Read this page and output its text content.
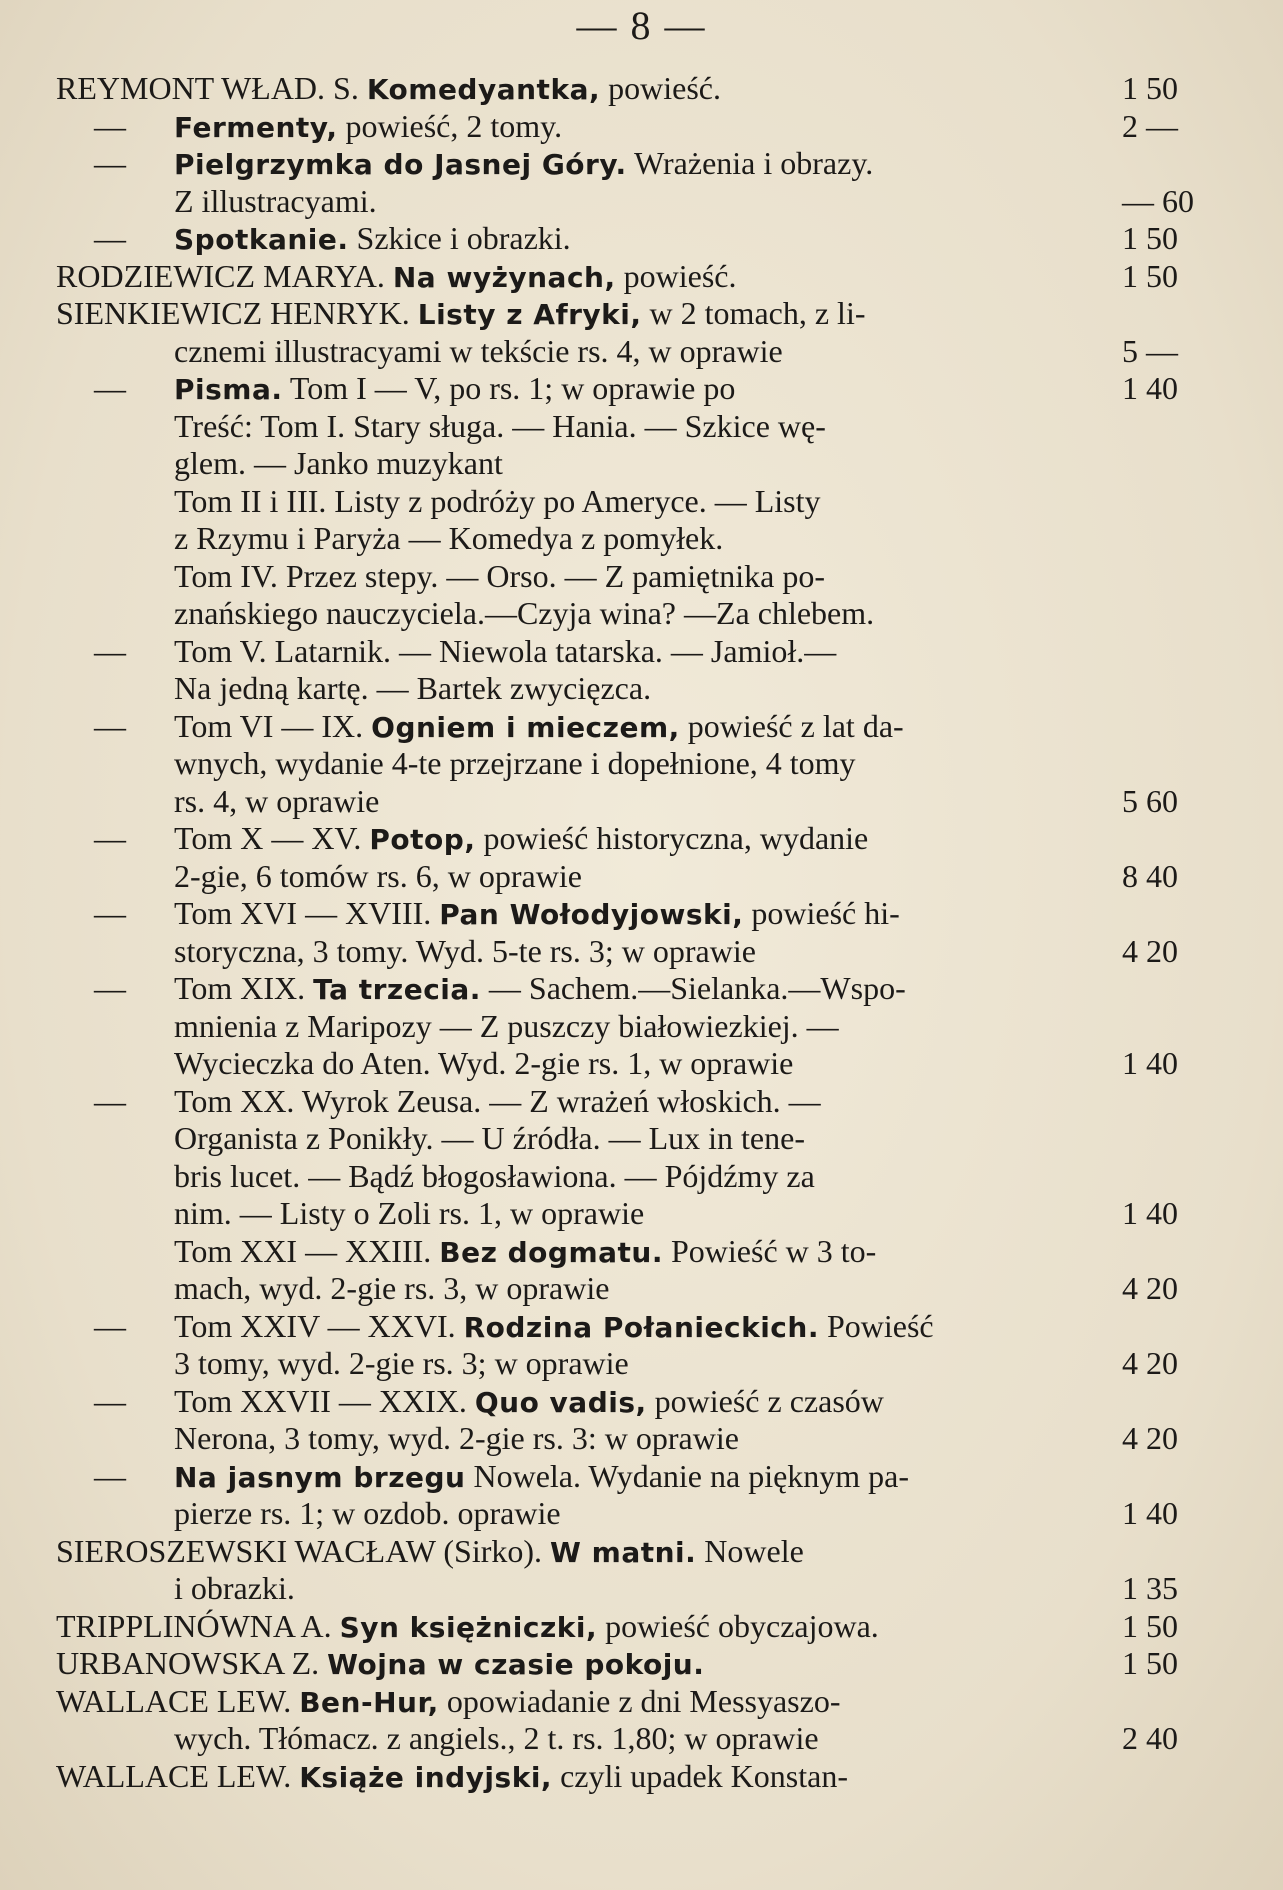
— 8 —
REYMONT WŁAD. S. Komedyantka, powieść.	1 50
— Fermenty, powieść, 2 tomy.	2 —
— Pielgrzymka do Jasnej Góry. Wrażenia i obrazy.
Z illustracyami.	— 60
— Spotkanie. Szkice i obrazki.	1 50
RODZIEWICZ MARYA. Na wyżynach, powieść.	1 50
SIENKIEWICZ HENRYK. Listy z Afryki, w 2 tomach, z li-
cznemi illustracyami w tekście rs. 4, w oprawie	5 —
— Pisma. Tom I — V, po rs. 1; w oprawie po	1 40
Treść: Tom I. Stary sługa. — Hania. — Szkice wę-
glem. — Janko muzykant
Tom II i III. Listy z podróży po Ameryce. — Listy
z Rzymu i Paryża — Komedya z pomyłek.
Tom IV. Przez stepy. — Orso. — Z pamiętnika po-
znańskiego nauczyciela.—Czyja wina? —Za chlebem.
— Tom V. Latarnik. — Niewola tatarska. — Jamioł.—
Na jedną kartę. — Bartek zwycięzca.
— Tom VI — IX. Ogniem i mieczem, powieść z lat da-
wnych, wydanie 4-te przejrzane i dopełnione, 4 tomy
rs. 4, w oprawie	5 60
— Tom X — XV. Potop, powieść historyczna, wydanie
2-gie, 6 tomów rs. 6, w oprawie	8 40
— Tom XVI — XVIII. Pan Wołodyjowski, powieść hi-
storyczna, 3 tomy. Wyd. 5-te rs. 3; w oprawie	4 20
— Tom XIX. Ta trzecia. — Sachem.—Sielanka.—Wspo-
mnienia z Maripozy — Z puszczy białowiezkiej. —
Wycieczka do Aten. Wyd. 2-gie rs. 1, w oprawie	1 40
— Tom XX. Wyrok Zeusa. — Z wrażeń włoskich. —
Organista z Ponikły. — U źródła. — Lux in tene-
bris lucet. — Bądź błogosławiona. — Pójdźmy za
nim. — Listy o Zoli rs. 1, w oprawie	1 40
Tom XXI — XXIII. Bez dogmatu. Powieść w 3 to-
mach, wyd. 2-gie rs. 3, w oprawie	4 20
— Tom XXIV — XXVI. Rodzina Połanieckich. Powieść
3 tomy, wyd. 2-gie rs. 3; w oprawie	4 20
— Tom XXVII — XXIX. Quo vadis, powieść z czasów
Nerona, 3 tomy, wyd. 2-gie rs. 3: w oprawie	4 20
— Na jasnym brzegu Nowela. Wydanie na pięknym pa-
pierze rs. 1; w ozdob. oprawie	1 40
SIEROSZEWSKI WACŁAW (Sirko). W matni. Nowele
i obrazki.	1 35
TRIPPLINÓWNA A. Syn księżniczki, powieść obyczajowa.	1 50
URBANOWSKA Z. Wojna w czasie pokoju.	1 50
WALLACE LEW. Ben-Hur, opowiadanie z dni Messyaszo-
wych. Tłómacz. z angiels., 2 t. rs. 1,80; w oprawie	2 40
WALLACE LEW. Książe indyjski, czyli upadek Konstan-
